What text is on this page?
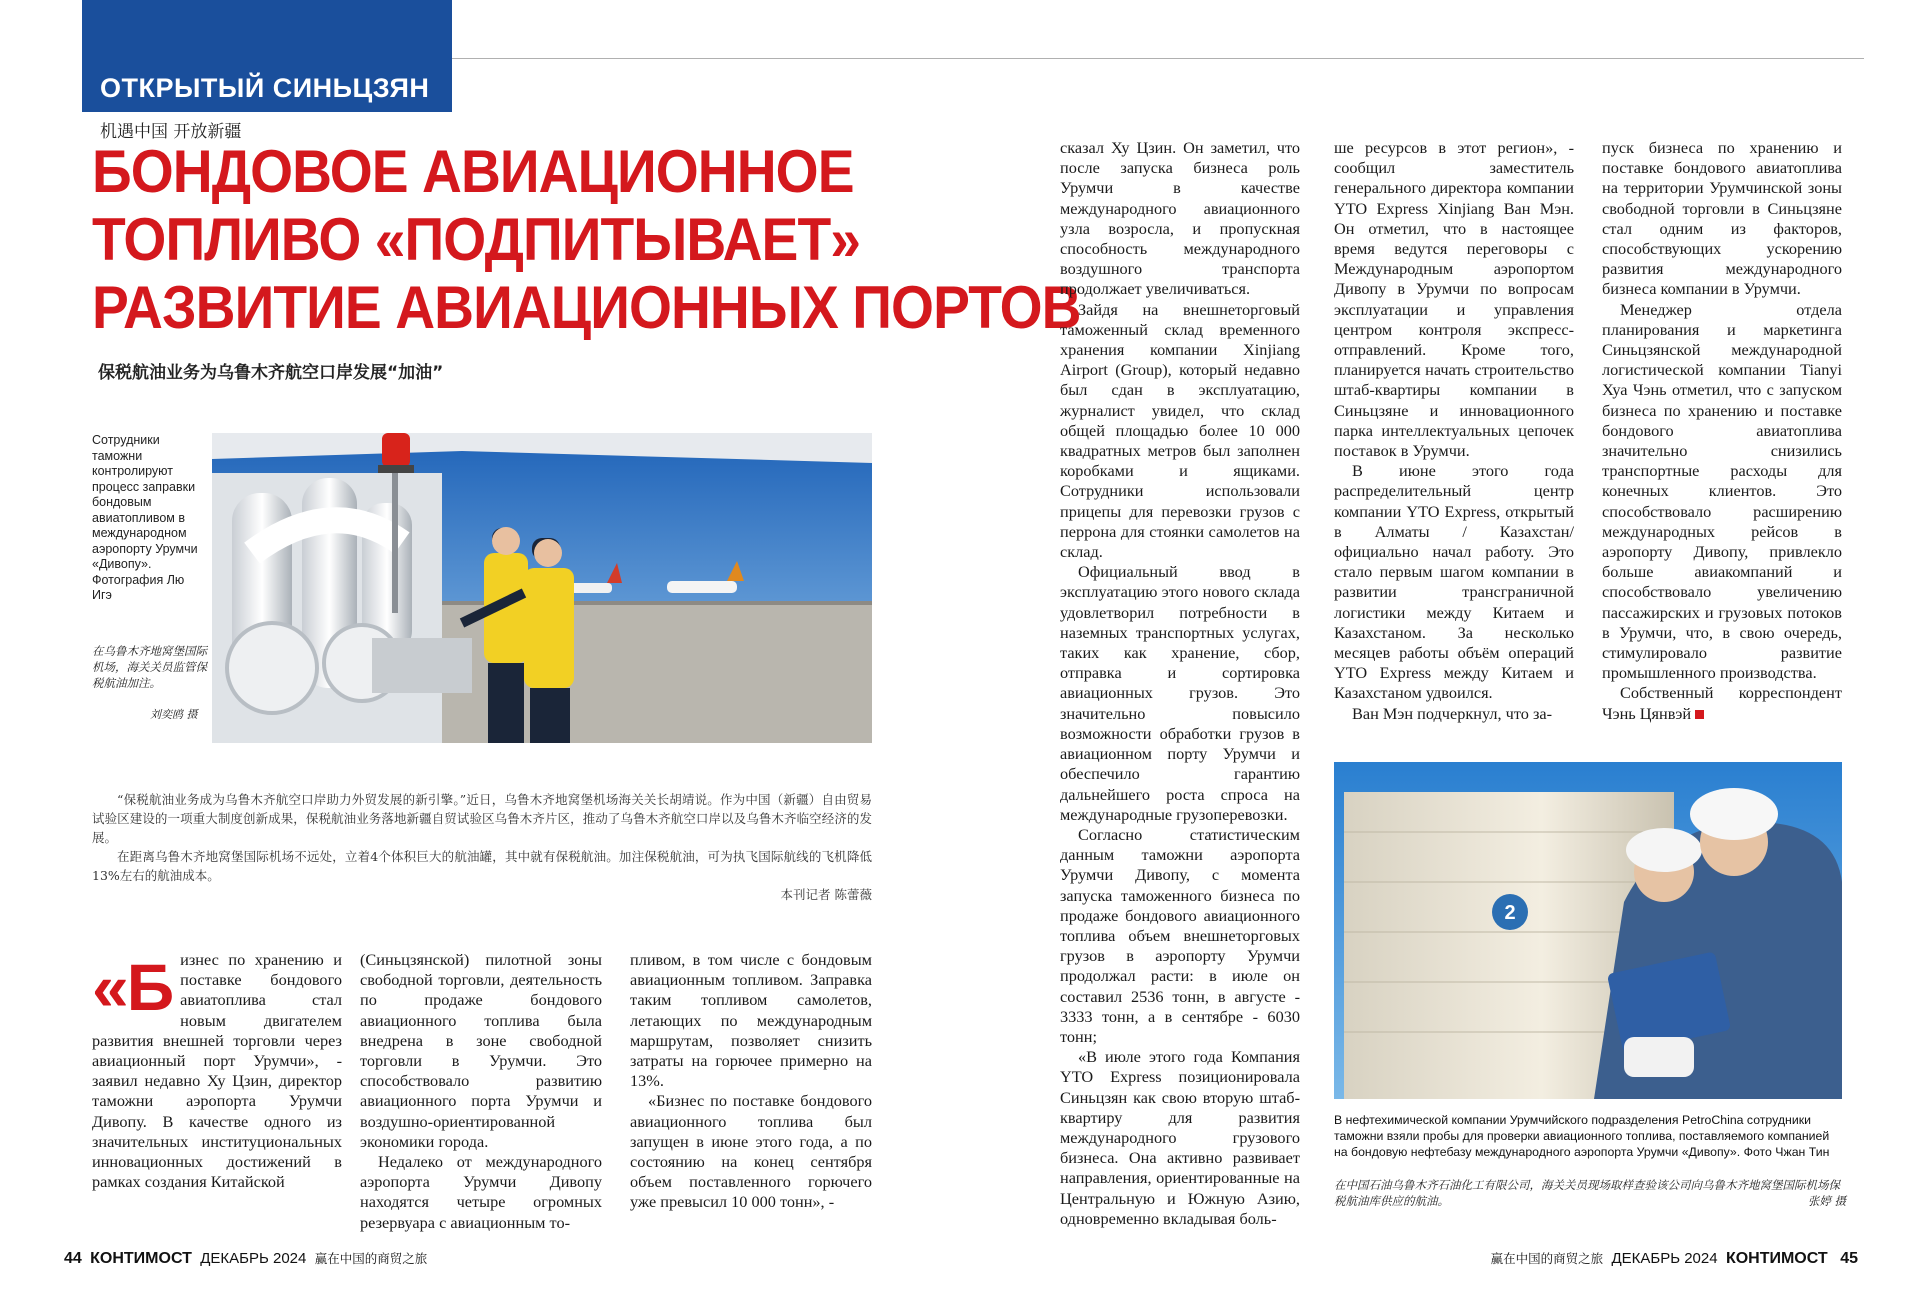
ОТКРЫТЫЙ СИНЬЦЗЯН
机遇中国 开放新疆
БОНДОВОЕ АВИАЦИОННОЕ
ТОПЛИВО «ПОДПИТЫВАЕТ»
РАЗВИТИЕ АВИАЦИОННЫХ ПОРТОВ
保税航油业务为乌鲁木齐航空口岸发展“加油”
Сотрудники таможни контролируют процесс заправки бондовым авиатопливом в международном аэропорту Урумчи «Дивопу». Фотография Лю Игэ
在乌鲁木齐地窝堡国际机场，海关关员监管保税航油加注。
刘奕鸥 摄

“保税航油业务成为乌鲁木齐航空口岸助力外贸发展的新引擎。”近日，乌鲁木齐地窝堡机场海关关长胡靖说。作为中国（新疆）自由贸易试验区建设的一项重大制度创新成果，保税航油业务落地新疆自贸试验区乌鲁木齐片区，推动了乌鲁木齐航空口岸以及乌鲁木齐临空经济的发展。

在距离乌鲁木齐地窝堡国际机场不远处，立着4个体积巨大的航油罐，其中就有保税航油。加注保税航油，可为执飞国际航线的飞机降低13%左右的航油成本。

本刊记者 陈蕾薇
«Б изнес по хранению и поставке бондового авиатоплива стал новым двигателем развития внешней торговли через авиационный порт Урумчи», - заявил недавно Ху Цзин, директор таможни аэропорта Урумчи Дивопу. В качестве одного из значительных институциональных инновационных достижений в рамках создания Китайской

(Синьцзянской) пилотной зоны свободной торговли, деятельность по продаже бондового авиационного топлива была внедрена в зоне свободной торговли в Урумчи. Это способствовало развитию авиационного порта Урумчи и воздушно-ориентированной экономики города.

Недалеко от международного аэропорта Урумчи Дивопу находятся четыре огромных резервуара с авиационным то-

пливом, в том числе с бондовым авиационным топливом. Заправка таким топливом самолетов, летающих по международным маршрутам, позволяет снизить затраты на горючее примерно на 13%.

«Бизнес по поставке бондового авиационного топлива был запущен в июне этого года, а по состоянию на конец сентября объем поставленного горючего уже превысил 10 000 тонн», -

сказал Ху Цзин. Он заметил, что после запуска бизнеса роль Урумчи в качестве международного авиационного узла возросла, и пропускная способность международного воздушного транспорта продолжает увеличиваться.

Зайдя на внешнеторговый таможенный склад временного хранения компании Xinjiang Airport (Group), который недавно был сдан в эксплуатацию, журналист увидел, что склад общей площадью более 10 000 квадратных метров был заполнен коробками и ящиками. Сотрудники использовали прицепы для перевозки грузов с перрона для стоянки самолетов на склад.

Официальный ввод в эксплуатацию этого нового склада удовлетворил потребности в наземных транспортных услугах, таких как хранение, сбор, отправка и сортировка авиационных грузов. Это значительно повысило возможности обработки грузов в авиационном порту Урумчи и обеспечило гарантию дальнейшего роста спроса на международные грузоперевозки.

Согласно статистическим данным таможни аэропорта Урумчи Дивопу, с момента запуска таможенного бизнеса по продаже бондового авиационного топлива объем внешнеторговых грузов в аэропорту Урумчи продолжал расти: в июле он составил 2536 тонн, в августе - 3333 тонн, а в сентябре - 6030 тонн;

«В июле этого года Компания YTO Express позиционировала Синьцзян как свою вторую штаб-квартиру для развития международного грузового бизнеса. Она активно развивает направления, ориентированные на Центральную и Южную Азию, одновременно вкладывая боль-

ше ресурсов в этот регион», - сообщил заместитель генерального директора компании YTO Express Xinjiang Ван Мэн. Он отметил, что в настоящее время ведутся переговоры с Международным аэропортом Дивопу в Урумчи по вопросам эксплуатации и управления центром контроля экспресс-отправлений. Кроме того, планируется начать строительство штаб-квартиры компании в Синьцзяне и инновационного парка интеллектуальных цепочек поставок в Урумчи.

В июне этого года распределительный центр компании YTO Express, открытый в Алматы / Казахстан/ официально начал работу. Это стало первым шагом компании в развитии трансграничной логистики между Китаем и Казахстаном. За несколько месяцев работы объём операций YTO Express между Китаем и Казахстаном удвоился.

Ван Мэн подчеркнул, что за-

пуск бизнеса по хранению и поставке бондового авиатоплива на территории Урумчинской зоны свободной торговли в Синьцзяне стал одним из факторов, способствующих ускорению развития международного бизнеса компании в Урумчи.

Менеджер отдела планирования и маркетинга Синьцзянской международной логистической компании Tianyi Хуа Чэнь отметил, что с запуском бизнеса по хранению и поставке бондового авиатоплива значительно снизились транспортные расходы для конечных клиентов. Это способствовало расширению международных рейсов в аэропорту Дивопу, привлекло больше авиакомпаний и способствовало увеличению пассажирских и грузовых потоков в Урумчи, что, в свою очередь, стимулировало развитие промышленного производства.

Собственный корреспондент Чэнь Цянвэй

2
В нефтехимической компании Урумчийского подразделения PetroChina сотрудники таможни взяли пробы для проверки авиационного топлива, поставляемого компанией на бондовую нефтебазу международного аэропорта Урумчи «Дивопу». Фото Чжан Тин
在中国石油乌鲁木齐石油化工有限公司，海关关员现场取样查验该公司向乌鲁木齐地窝堡国际机场保税航油库供应的航油。	张婷 摄
44 КОНТИМОСТ ДЕКАБРЬ 2024 赢在中国的商贸之旅	赢在中国的商贸之旅 ДЕКАБРЬ 2024 КОНТИМОСТ 45
